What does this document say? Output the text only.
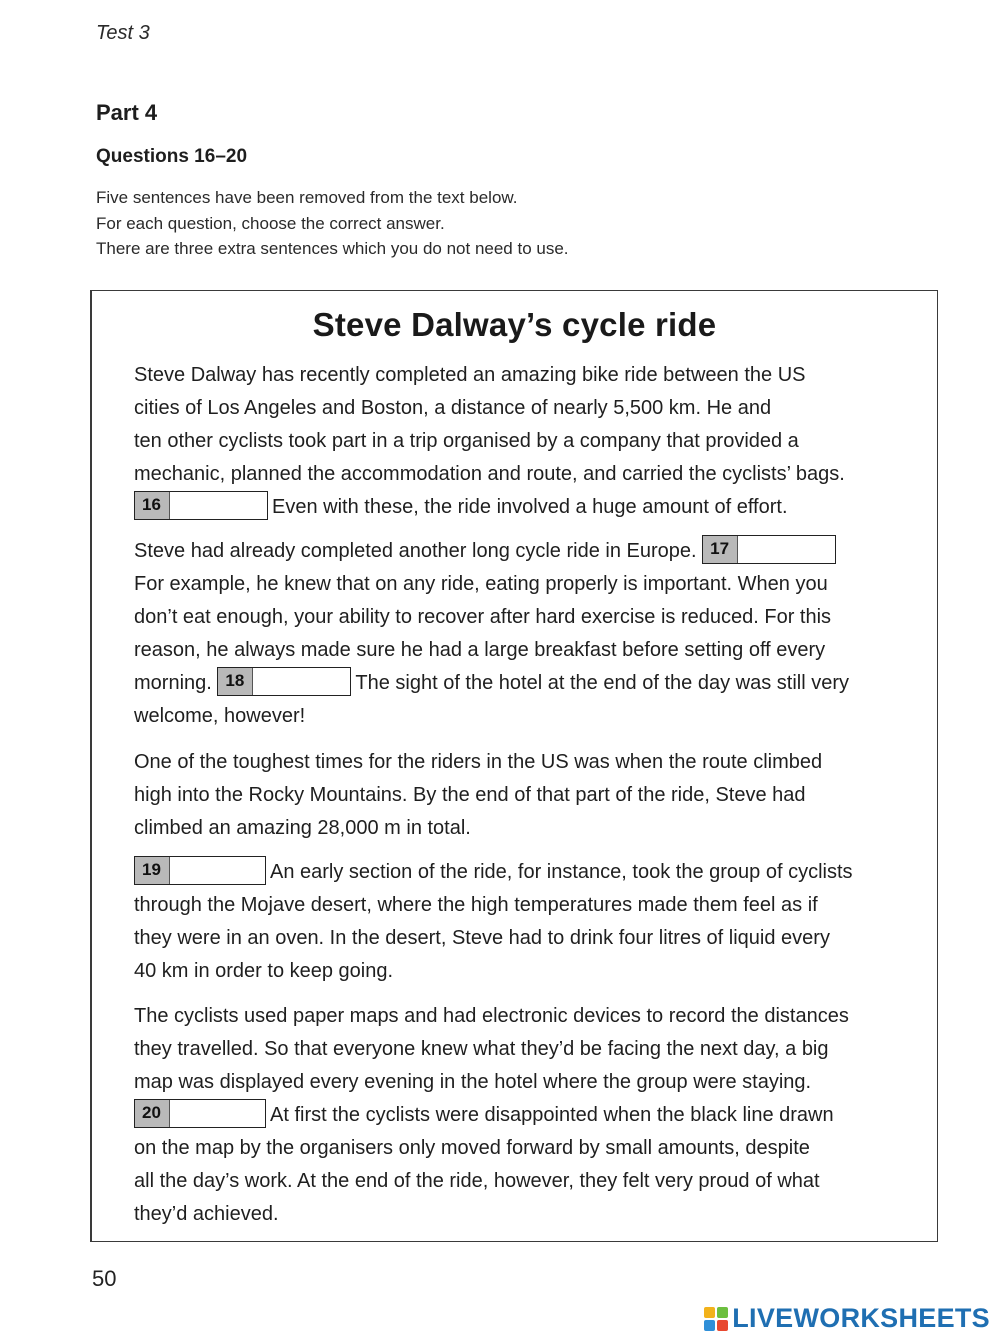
Test 3
Part 4
Questions 16–20
Five sentences have been removed from the text below.
For each question, choose the correct answer.
There are three extra sentences which you do not need to use.
Steve Dalway’s cycle ride
Steve Dalway has recently completed an amazing bike ride between the US
cities of Los Angeles and Boston, a distance of nearly 5,500 km. He and
ten other cyclists took part in a trip organised by a company that provided a
mechanic, planned the accommodation and route, and carried the cyclists’ bags.
16	Even with these, the ride involved a huge amount of effort.
Steve had already completed another long cycle ride in Europe. 17
For example, he knew that on any ride, eating properly is important. When you
don’t eat enough, your ability to recover after hard exercise is reduced. For this
reason, he always made sure he had a large breakfast before setting off every
morning. 18	The sight of the hotel at the end of the day was still very
welcome, however!
One of the toughest times for the riders in the US was when the route climbed
high into the Rocky Mountains. By the end of that part of the ride, Steve had
climbed an amazing 28,000 m in total.
19	An early section of the ride, for instance, took the group of cyclists
through the Mojave desert, where the high temperatures made them feel as if
they were in an oven. In the desert, Steve had to drink four litres of liquid every
40 km in order to keep going.
The cyclists used paper maps and had electronic devices to record the distances
they travelled. So that everyone knew what they’d be facing the next day, a big
map was displayed every evening in the hotel where the group were staying.
20	At first the cyclists were disappointed when the black line drawn
on the map by the organisers only moved forward by small amounts, despite
all the day’s work. At the end of the ride, however, they felt very proud of what
they’d achieved.
50
LIVEWORKSHEETS
